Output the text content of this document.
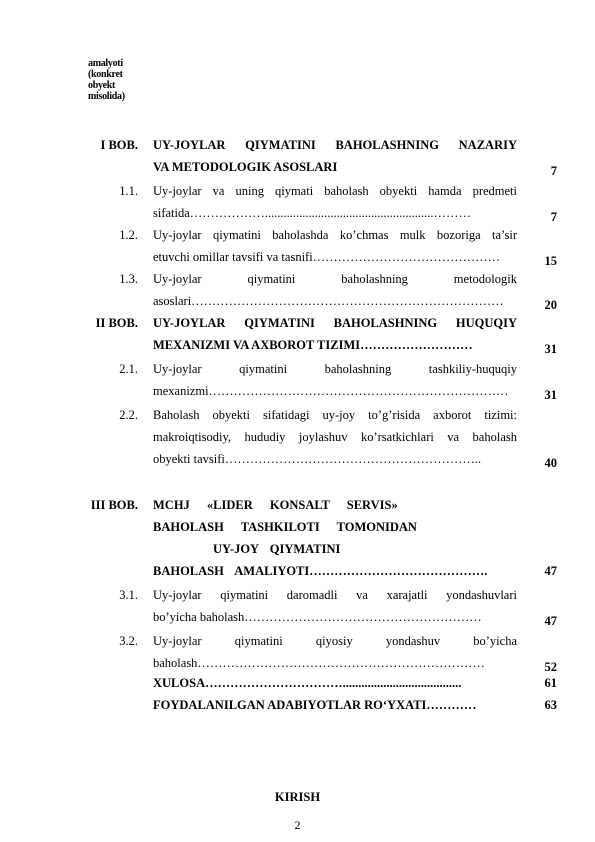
amalyoti
(konkret
obyekt
misolida)
I BOB. UY-JOYLAR QIYMATINI BAHOLASHNING NAZARIY
VA METODOLOGIK ASOSLARI	7
1.1. Uy-joylar va uning qiymati baholash obyekti hamda predmeti
sifatida………………......................................................………	7
1.2. Uy-joylar qiymatini baholashda ko’chmas mulk bozoriga ta’sir
etuvchi omillar tavsifi va tasnifi………………………………………	15
1.3. Uy-joylar qiymatini baholashning metodologik
asoslari…………………………………………………………………	20
II BOB. UY-JOYLAR QIYMATINI BAHOLASHNING HUQUQIY
MEXANIZMI VA AXBOROT TIZIMI………………………	31
2.1. Uy-joylar qiymatini baholashning tashkiliy-huquqiy
mexanizmi………………………………………………………………	31
2.2. Baholash obyekti sifatidagi uy-joy to’g’risida axborot tizimi:
makroiqtisodiy, hududiy joylashuv ko’rsatkichlari va baholash
obyekti tavsifi……………………………………………………..	40
III BOB. MCHJ «LIDER KONSALT SERVIS»
BAHOLASH TASHKILOTI TOMONIDAN
UY-JOY QIYMATINI
BAHOLASH AMALIYOTI…………………………………….	47
3.1. Uy-joylar qiymatini daromadli va xarajatli yondashuvlari
bo’yicha baholash…………………………………………………	47
3.2. Uy-joylar qiymatini qiyosiy yondashuv bo’yicha
baholash……………………………………………………………	52
XULOSA……………………………......................................	61
FOYDALANILGAN ADABIYOTLAR RO‘YXATI…………	63
KIRISH
2
